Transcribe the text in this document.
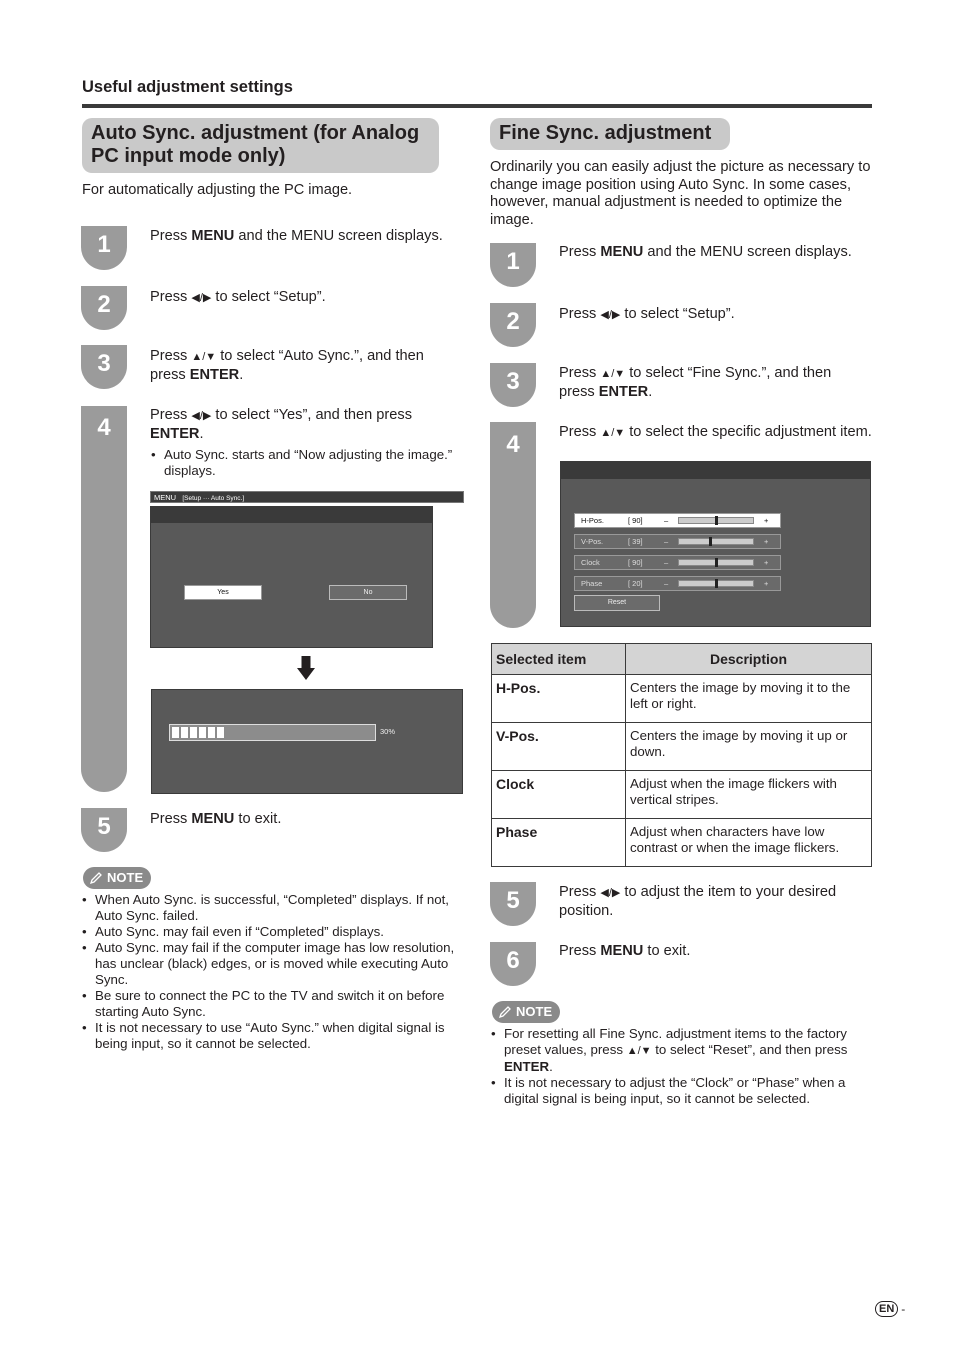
Useful adjustment settings
Auto Sync. adjustment (for Analog
PC input mode only)
For automatically adjusting the PC image.
1
2
3
4
5
Press MENU and the MENU screen displays.
Press ◀/▶ to select “Setup”.
Press ▲/▼ to select “Auto Sync.”, and then
press ENTER.
Press ◀/▶ to select “Yes”, and then press
ENTER.
• Auto Sync. starts and “Now adjusting the image.” displays.
MENU [Setup ··· Auto Sync.]
Yes	No
30%
Press MENU to exit.
NOTE
• When Auto Sync. is successful, “Completed” displays. If not, Auto Sync. failed.
• Auto Sync. may fail even if “Completed” displays.
• Auto Sync. may fail if the computer image has low resolution, has unclear (black) edges, or is moved while executing Auto Sync.
• Be sure to connect the PC to the TV and switch it on before starting Auto Sync.
• It is not necessary to use “Auto Sync.” when digital signal is being input, so it cannot be selected.
Fine Sync. adjustment
Ordinarily you can easily adjust the picture as necessary to change image position using Auto Sync. In some cases, however, manual adjustment is needed to optimize the image.
1
2
3
4
5
6
Press MENU and the MENU screen displays.
Press ◀/▶ to select “Setup”.
Press ▲/▼ to select “Fine Sync.”, and then
press ENTER.
Press ▲/▼ to select the specific adjustment item.
H-Pos.	[ 90]	–	+
V-Pos.	[ 39]	–	+
Clock	[ 90]	–	+
Phase	[ 20]	–	+
Reset
Selected item	Description
H-Pos.	Centers the image by moving it to the left or right.
V-Pos.	Centers the image by moving it up or down.
Clock	Adjust when the image flickers with vertical stripes.
Phase	Adjust when characters have low contrast or when the image flickers.
Press ◀/▶ to adjust the item to your desired position.
Press MENU to exit.
NOTE
• For resetting all Fine Sync. adjustment items to the factory preset values, press ▲/▼ to select “Reset”, and then press ENTER.
• It is not necessary to adjust the “Clock” or “Phase” when a digital signal is being input, so it cannot be selected.
EN -
